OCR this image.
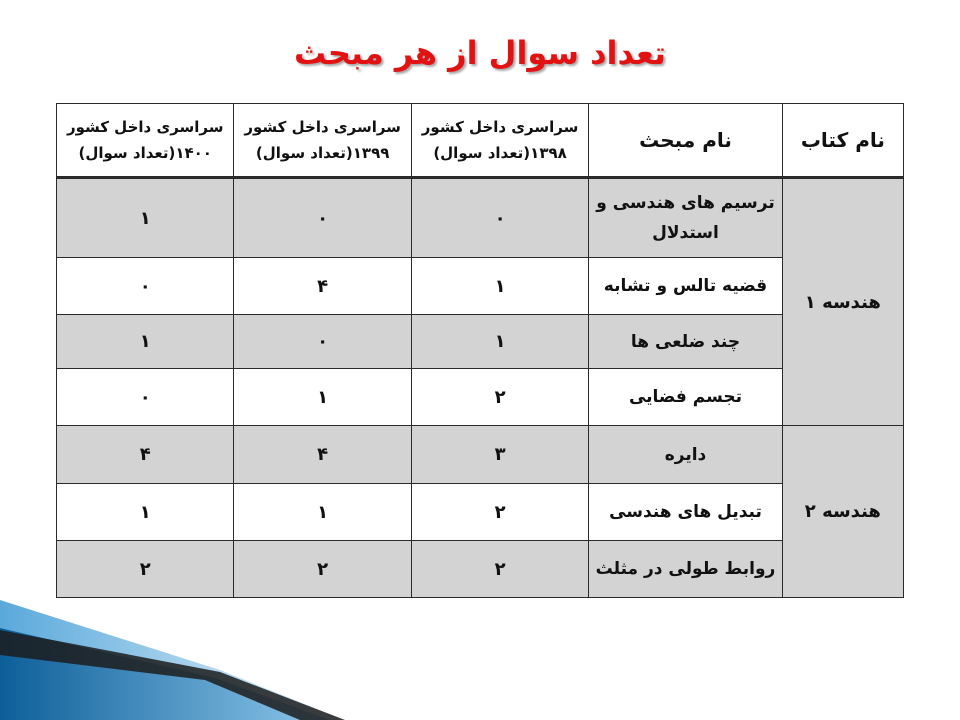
تعداد سوال از هر مبحث
نام کتاب	نام مبحث	سراسری داخل کشور ۱۳۹۸(تعداد سوال)	سراسری داخل کشور ۱۳۹۹(تعداد سوال)	سراسری داخل کشور ۱۴۰۰(تعداد سوال)
هندسه ۱	ترسیم های هندسی و استدلال	۰	۰	۱
	قضیه تالس و تشابه	۱	۴	۰
	چند ضلعی ها	۱	۰	۱
	تجسم فضایی	۲	۱	۰
هندسه ۲	دایره	۳	۴	۴
	تبدیل های هندسی	۲	۱	۱
	روابط طولی در مثلث	۲	۲	۲
